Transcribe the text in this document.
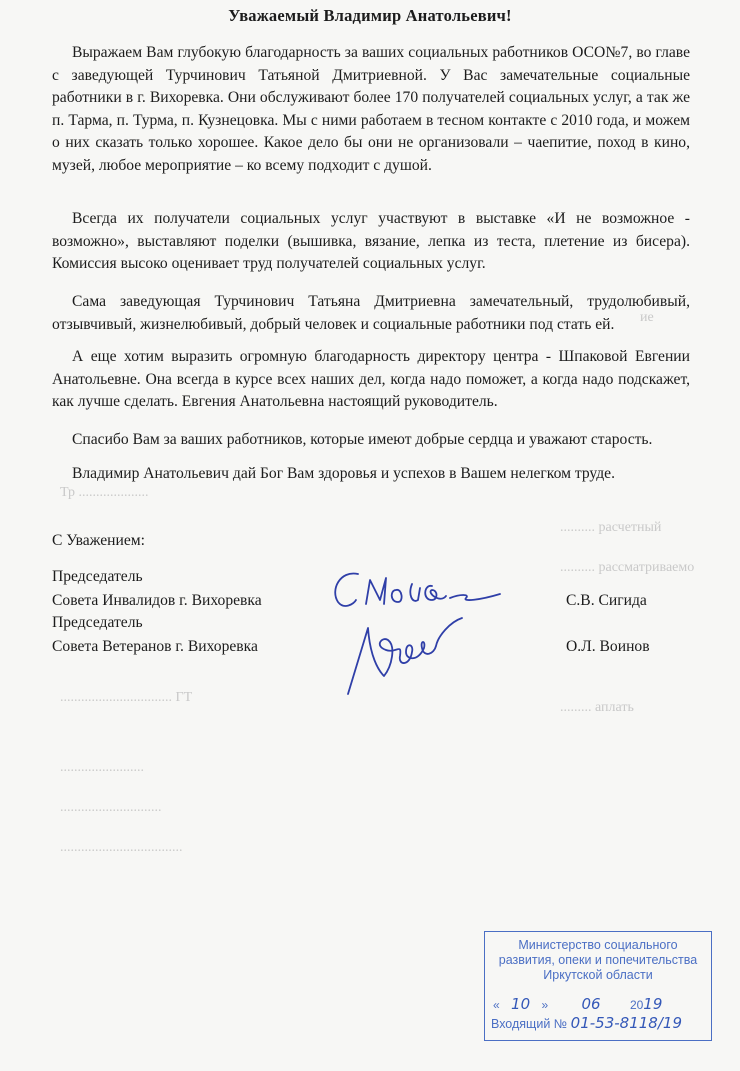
ие
Тр ....................
.......... расчетный
.......... рассматриваемо
................................ ГТ
......... аплать
........................
.............................
...................................
Уважаемый Владимир Анатольевич!

Выражаем Вам глубокую благодарность за ваших социальных работников ОСО№7, во главе с заведующей Турчинович Татьяной Дмитриевной. У Вас замечательные социальные работники в г. Вихоревка. Они обслуживают более 170 получателей социальных услуг, а так же п. Тарма, п. Турма, п. Кузнецовка. Мы с ними работаем в тесном контакте с 2010 года, и можем о них сказать только хорошее. Какое дело бы они не организовали – чаепитие, поход в кино, музей, любое мероприятие – ко всему подходит с душой.

Всегда их получатели социальных услуг участвуют в выставке «И не возможное - возможно», выставляют поделки (вышивка, вязание, лепка из теста, плетение из бисера). Комиссия высоко оценивает труд получателей социальных услуг.

Сама заведующая Турчинович Татьяна Дмитриевна замечательный, трудолюбивый, отзывчивый, жизнелюбивый, добрый человек и социальные работники под стать ей.

А еще хотим выразить огромную благодарность директору центра - Шпаковой Евгении Анатольевне. Она всегда в курсе всех наших дел, когда надо поможет, а когда надо подскажет, как лучше сделать. Евгения Анатольевна настоящий руководитель.

Спасибо Вам за ваших работников, которые имеют добрые сердца и уважают старость.

Владимир Анатольевич дай Бог Вам здоровья и успехов в Вашем нелегком труде.

С Уважением:
Председатель
Совета Инвалидов г. Вихоревка	С.В. Сигида
Председатель
Совета Ветеранов г. Вихоревка	О.Л. Воинов
Министерство социального
развития, опеки и попечительства
Иркутской области
« 10 » 06 2019
Входящий № 01-53-8118/19
